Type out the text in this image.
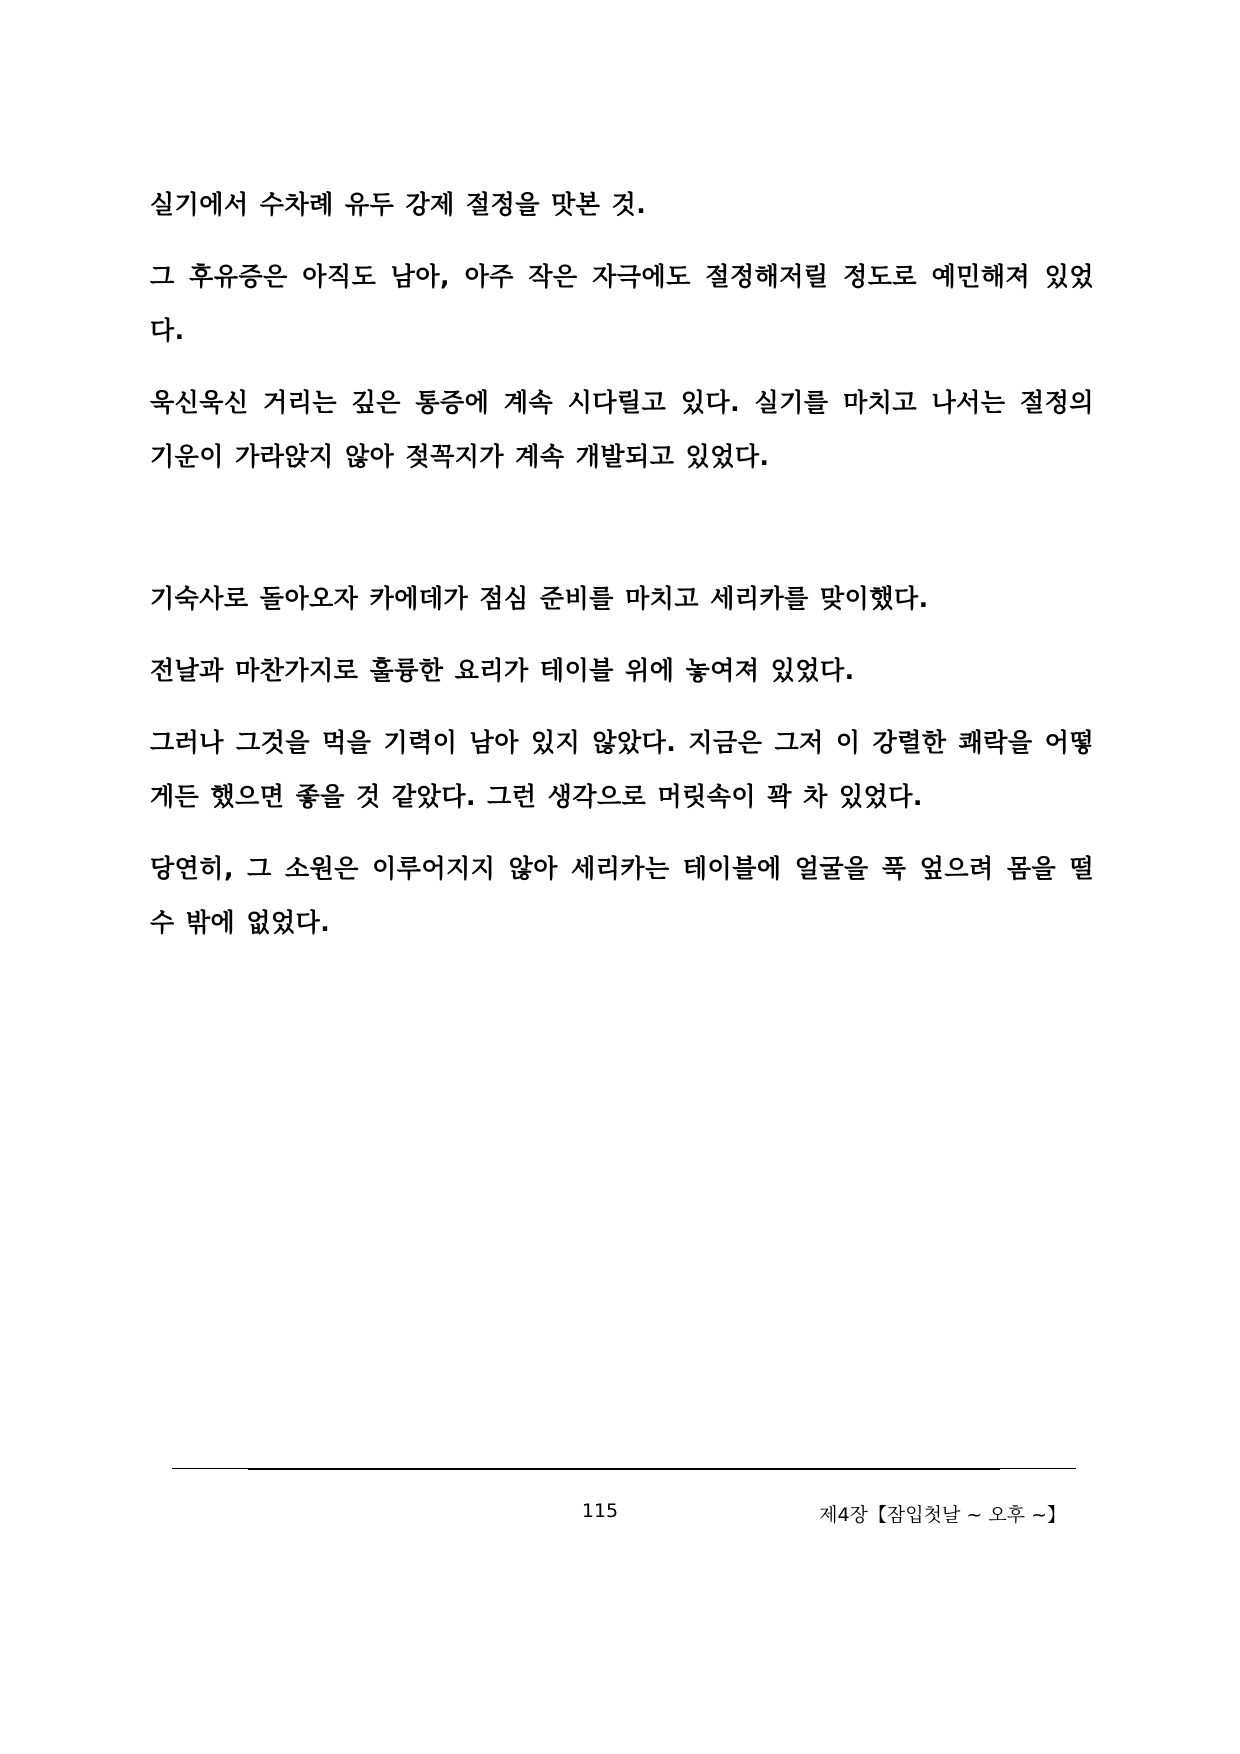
실기에서 수차례 유두 강제 절정을 맛본 것.

그 후유증은 아직도 남아, 아주 작은 자극에도 절정해저릴 정도로 예민해져 있었다.

욱신욱신 거리는 깊은 통증에 계속 시다릴고 있다. 실기를 마치고 나서는 절정의 기운이 가라앉지 않아 젖꼭지가 계속 개발되고 있었다.

기숙사로 돌아오자 카에데가 점심 준비를 마치고 세리카를 맞이했다.

전날과 마찬가지로 훌륭한 요리가 테이블 위에 놓여져 있었다.

그러나 그것을 먹을 기력이 남아 있지 않았다. 지금은 그저 이 강렬한 쾌락을 어떻게든 했으면 좋을 것 같았다. 그런 생각으로 머릿속이 꽉 차 있었다.

당연히, 그 소원은 이루어지지 않아 세리카는 테이블에 얼굴을 푹 엎으려 몸을 떨 수 밖에 없었다.

115	제4장【잠입첫날 ~ 오후 ~】
